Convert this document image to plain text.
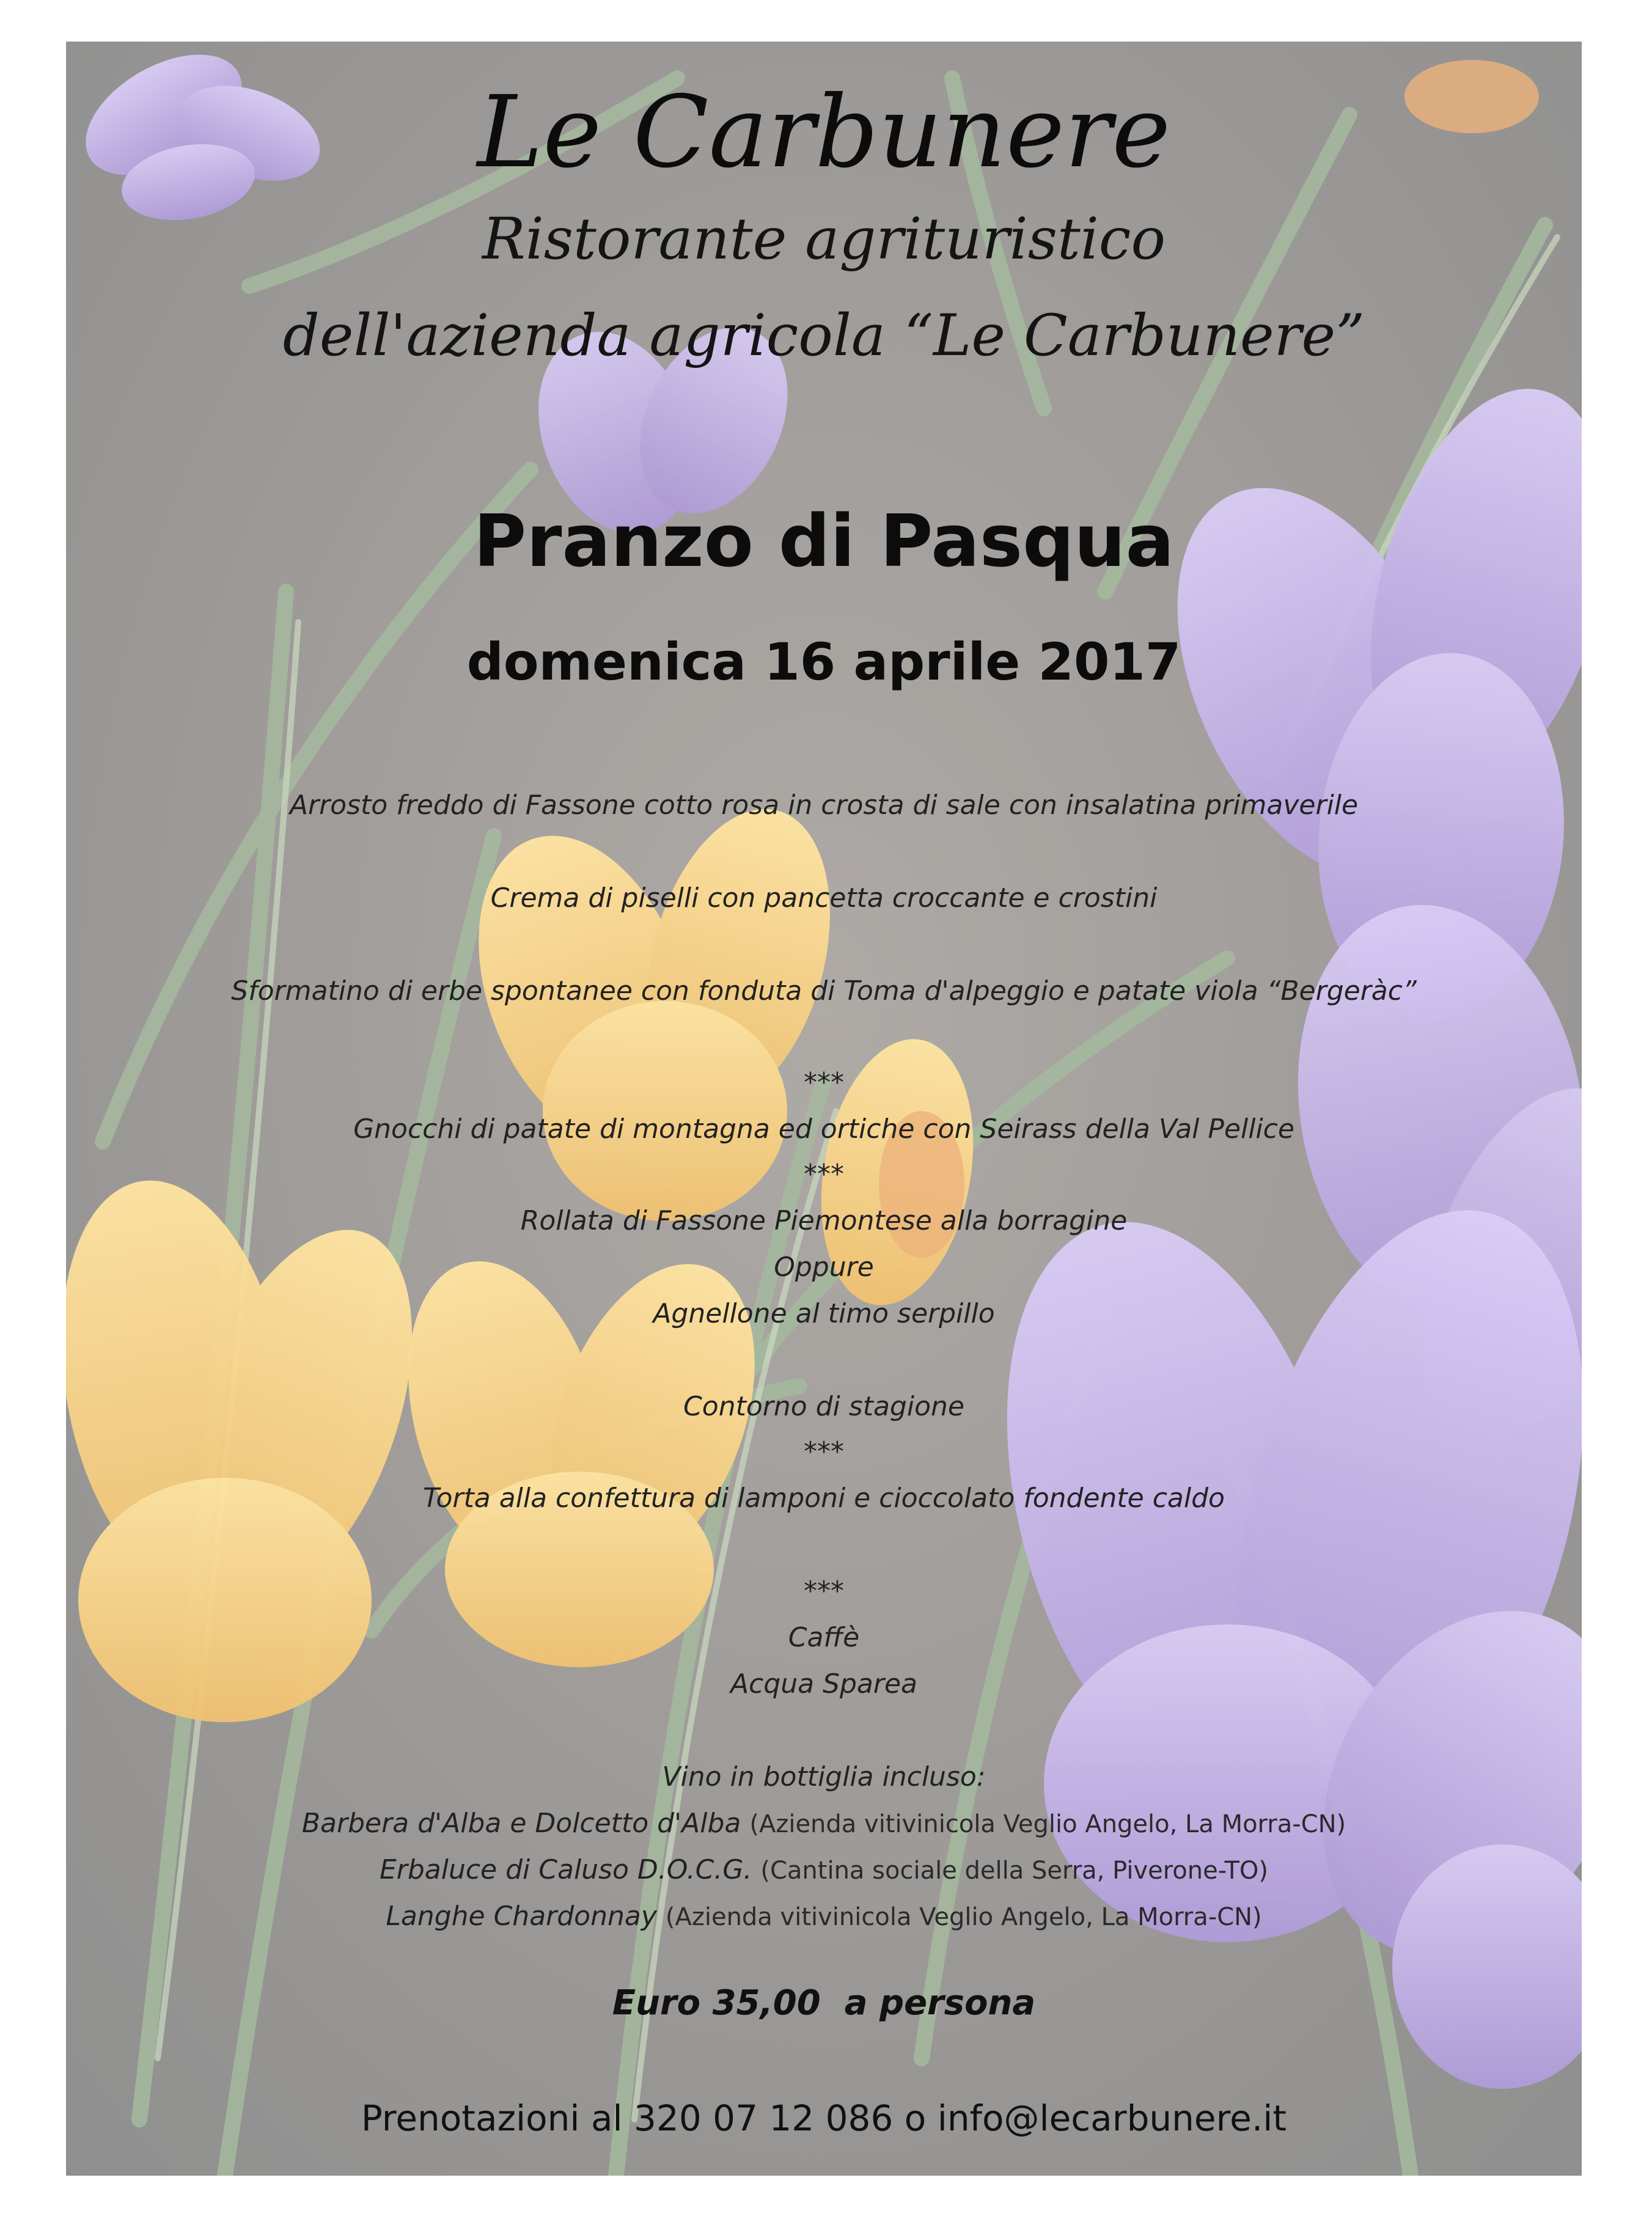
Le Carbunere
Ristorante agrituristico
dell'azienda agricola “Le Carbunere”
Pranzo di Pasqua
domenica 16 aprile 2017
Arrosto freddo di Fassone cotto rosa in crosta di sale con insalatina primaverile
Crema di piselli con pancetta croccante e crostini
Sformatino di erbe spontanee con fonduta di Toma d'alpeggio e patate viola “Bergeràc”
***
Gnocchi di patate di montagna ed ortiche con Seirass della Val Pellice
***
Rollata di Fassone Piemontese alla borragine
Oppure
Agnellone al timo serpillo
Contorno di stagione
***
Torta alla confettura di lamponi e cioccolato fondente caldo
***
Caffè
Acqua Sparea
Vino in bottiglia incluso:
Barbera d'Alba e Dolcetto d'Alba (Azienda vitivinicola Veglio Angelo, La Morra-CN)
Erbaluce di Caluso D.O.C.G. (Cantina sociale della Serra, Piverone-TO)
Langhe Chardonnay (Azienda vitivinicola Veglio Angelo, La Morra-CN)
Euro 35,00  a persona
Prenotazioni al 320 07 12 086 o info@lecarbunere.it
